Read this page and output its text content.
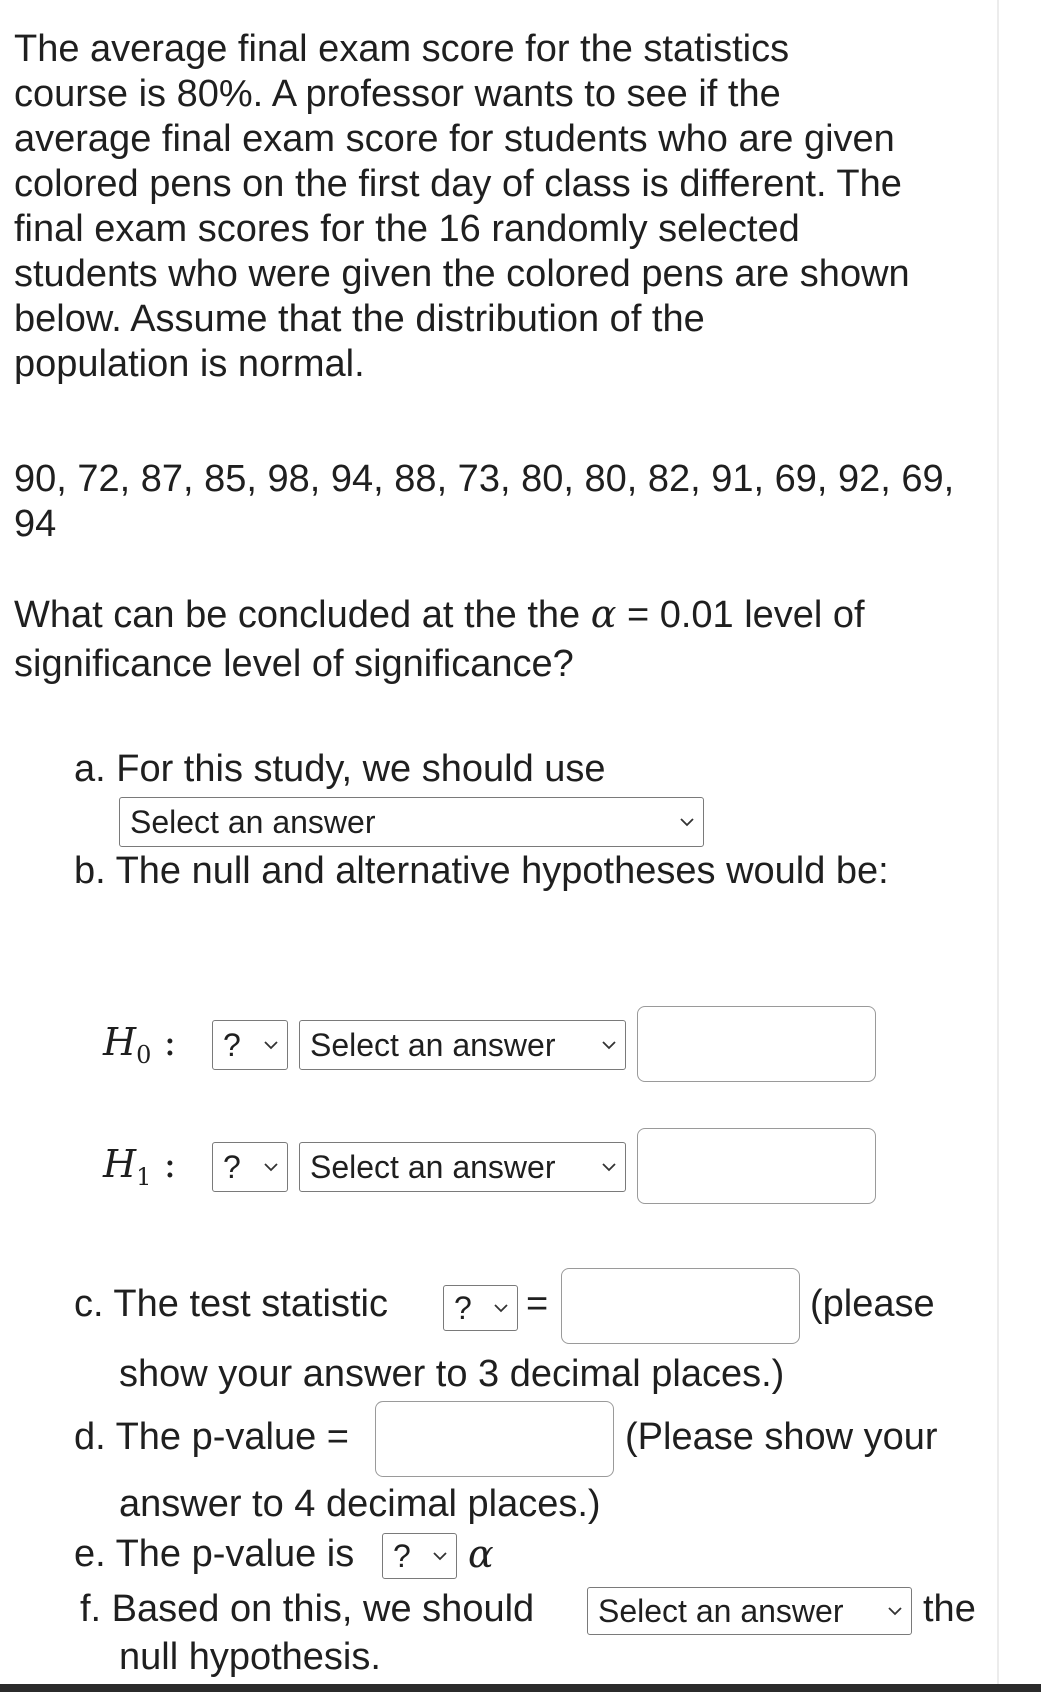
The average final exam score for the statistics
course is 80%. A professor wants to see if the
average final exam score for students who are given
colored pens on the first day of class is different. The
final exam scores for the 16 randomly selected
students who were given the colored pens are shown
below. Assume that the distribution of the
population is normal.
90, 72, 87, 85, 98, 94, 88, 73, 80, 80, 82, 91, 69, 92, 69,
94
What can be concluded at the the α = 0.01 level of
significance level of significance?
a. For this study, we should use
Select an answer
b. The null and alternative hypotheses would be:
$H_0$ : ? Select an answer
$H_1$ : ? Select an answer
c. The test statistic ? =	(please
show your answer to 3 decimal places.)
d. The p-value =	(Please show your
answer to 4 decimal places.)
e. The p-value is ? α
f. Based on this, we should Select an answer the
null hypothesis.
